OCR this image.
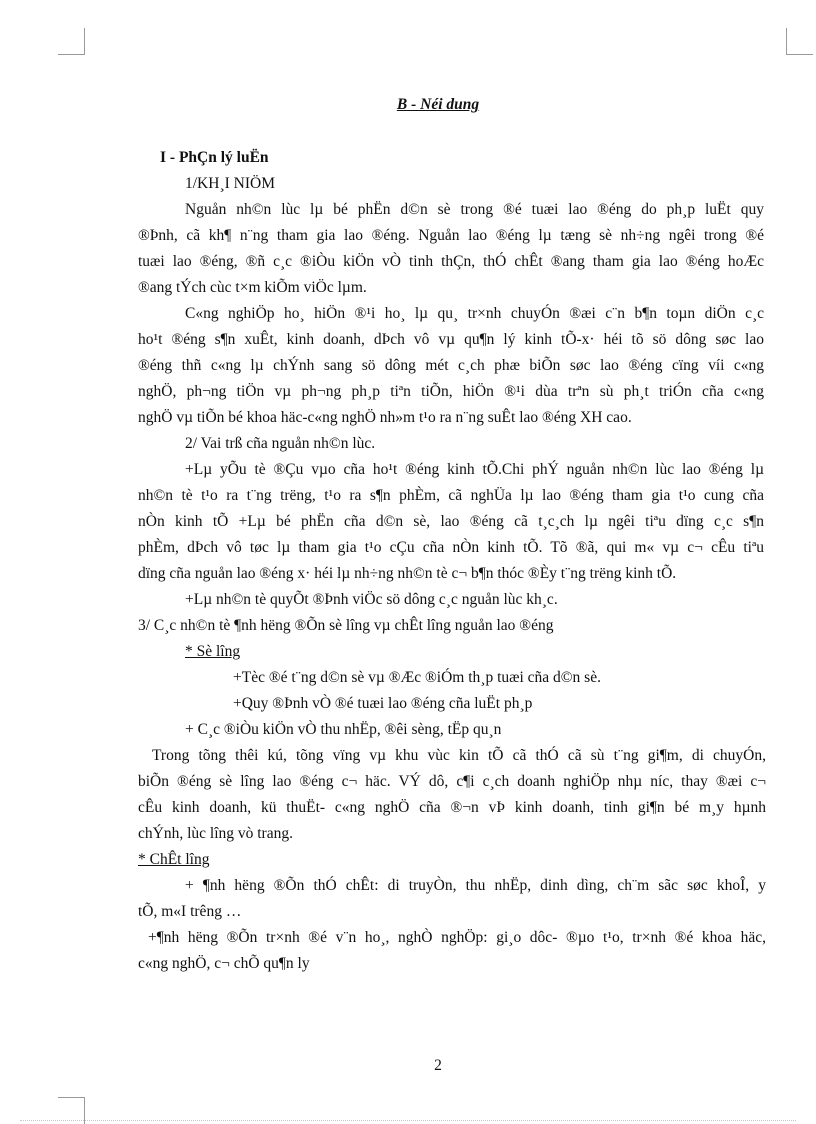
B - Néi dung
I - PhÇn lý luËn
1/KH¸I NIÖM
Nguån nh©n lùc lµ bé phËn d©n sè trong ®é tuæi lao ®éng do ph¸p luËt quy
®Þnh, cã kh¶ n¨ng tham gia lao ®éng. Nguån lao ®éng lµ tæng sè nh÷ng ngêi trong ®é
tuæi lao ®éng, ®ñ c¸c ®iÒu kiÖn vÒ tinh thÇn, thÓ chÊt ®ang tham gia lao ®éng hoÆc
®ang tÝch cùc t×m kiÕm viÖc lµm.
C«ng nghiÖp ho¸ hiÖn ®¹i ho¸ lµ qu¸ tr×nh chuyÓn ®æi c¨n b¶n toµn diÖn c¸c
ho¹t ®éng s¶n xuÊt, kinh doanh, dÞch vô vµ qu¶n lý kinh tÕ-x· héi tõ sö dông søc lao
®éng thñ c«ng lµ chÝnh sang sö dông mét c¸ch phæ biÕn søc lao ®éng cïng víi c«ng
nghÖ, ph¬ng tiÖn vµ ph¬ng ph¸p tiªn tiÕn, hiÖn ®¹i dùa trªn sù ph¸t triÓn cña c«ng
nghÖ vµ tiÕn bé khoa häc-c«ng nghÖ nh»m t¹o ra n¨ng suÊt lao ®éng XH cao.
2/ Vai trß cña nguån nh©n lùc.
+Lµ yÕu tè ®Çu vµo cña ho¹t ®éng kinh tÕ.Chi phÝ nguån nh©n lùc lao ®éng lµ
nh©n tè t¹o ra t¨ng trëng, t¹o ra s¶n phÈm, cã nghÜa lµ lao ®éng tham gia t¹o cung cña
nÒn kinh tÕ +Lµ bé phËn cña d©n sè, lao ®éng cã t¸c¸ch lµ ngêi tiªu dïng c¸c s¶n
phÈm, dÞch vô tøc lµ tham gia t¹o cÇu cña nÒn kinh tÕ. Tõ ®ã, qui m« vµ c¬ cÊu tiªu
dïng cña nguån lao ®éng x· héi lµ nh÷ng nh©n tè c¬ b¶n thóc ®Èy t¨ng trëng kinh tÕ.
+Lµ nh©n tè quyÕt ®Þnh viÖc sö dông c¸c nguån lùc kh¸c.
3/ C¸c nh©n tè ¶nh hëng ®Õn sè lîng vµ chÊt lîng nguån lao ®éng
* Sè lîng
+Tèc ®é t¨ng d©n sè vµ ®Æc ®iÓm th¸p tuæi cña d©n sè.
+Quy ®Þnh vÒ ®é tuæi lao ®éng cña luËt ph¸p
+ C¸c ®iÒu kiÖn vÒ thu nhËp, ®êi sèng, tËp qu¸n
Trong tõng thêi kú, tõng vïng vµ khu vùc kin tÕ cã thÓ cã sù t¨ng gi¶m, di chuyÓn,
biÕn ®éng sè lîng lao ®éng c¬ häc. VÝ dô, c¶i c¸ch doanh nghiÖp nhµ níc, thay ®æi c¬
cÊu kinh doanh, kü thuËt- c«ng nghÖ cña ®¬n vÞ kinh doanh, tinh gi¶n bé m¸y hµnh
chÝnh, lùc lîng vò trang.
* ChÊt lîng
+ ¶nh hëng ®Õn thÓ chÊt: di truyÒn, thu nhËp, dinh dìng, ch¨m sãc søc khoÎ, y
tÕ, m«I trêng …
+¶nh hëng ®Õn tr×nh ®é v¨n ho¸, nghÒ nghÖp: gi¸o dôc- ®µo t¹o, tr×nh ®é khoa häc,
c«ng nghÖ, c¬ chÕ qu¶n ly
2
